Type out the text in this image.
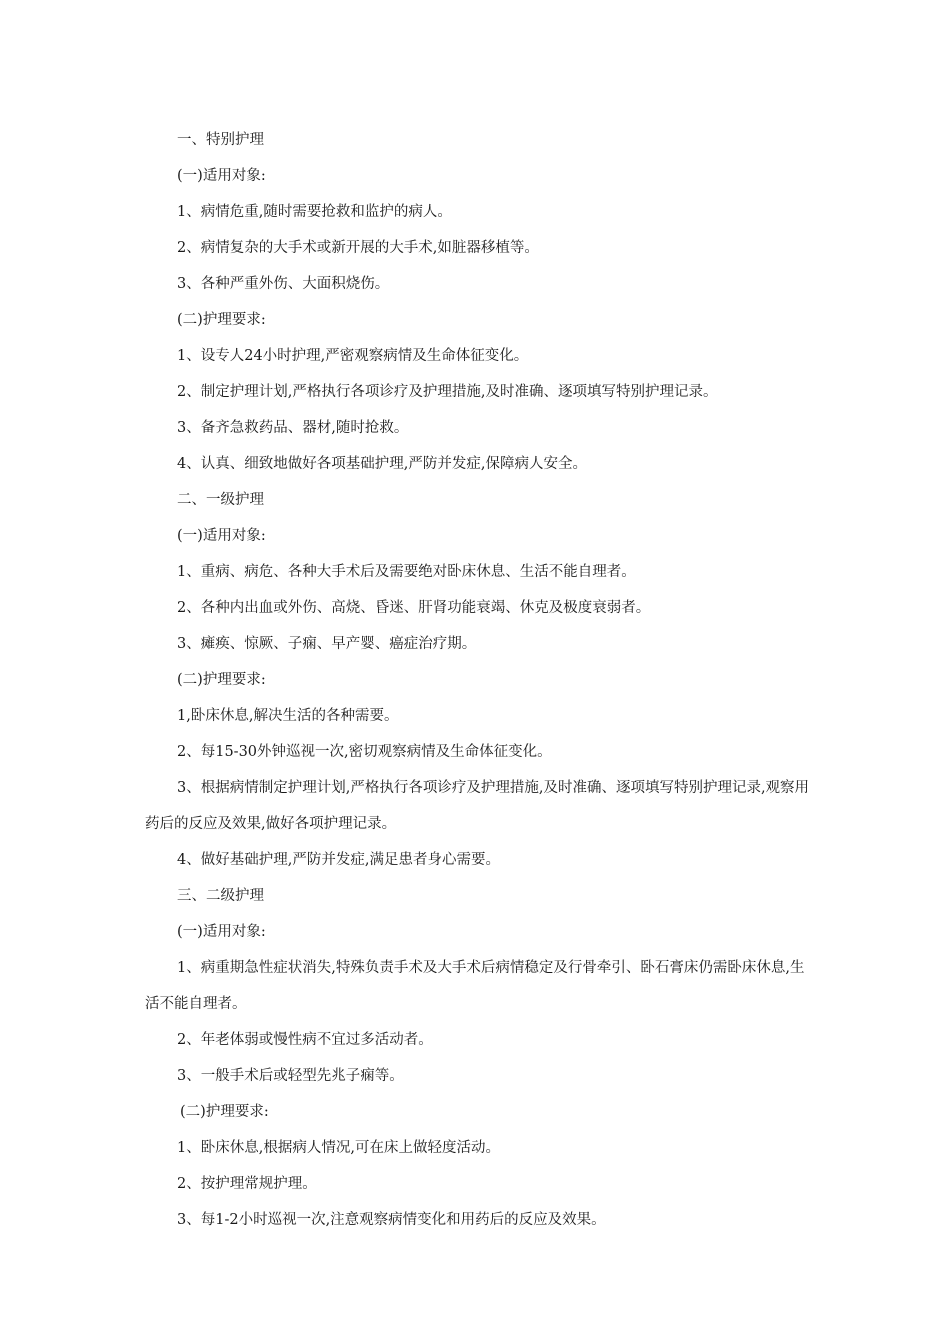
一、特别护理

(一)适用对象:

1、病情危重,随时需要抢救和监护的病人。

2、病情复杂的大手术或新开展的大手术,如脏器移植等。

3、各种严重外伤、大面积烧伤。

(二)护理要求:

1、设专人24小时护理,严密观察病情及生命体征变化。

2、制定护理计划,严格执行各项诊疗及护理措施,及时准确、逐项填写特别护理记录。

3、备齐急救药品、器材,随时抢救。

4、认真、细致地做好各项基础护理,严防并发症,保障病人安全。

二、一级护理

(一)适用对象:

1、重病、病危、各种大手术后及需要绝对卧床休息、生活不能自理者。

2、各种内出血或外伤、高烧、昏迷、肝肾功能衰竭、休克及极度衰弱者。

3、瘫痪、惊厥、子痫、早产婴、癌症治疗期。

(二)护理要求:

1,卧床休息,解决生活的各种需要。

2、每15-30外钟巡视一次,密切观察病情及生命体征变化。

3、根据病情制定护理计划,严格执行各项诊疗及护理措施,及时准确、逐项填写特别护理记录,观察用药后的反应及效果,做好各项护理记录。

4、做好基础护理,严防并发症,满足患者身心需要。

三、二级护理

(一)适用对象:

1、病重期急性症状消失,特殊负责手术及大手术后病情稳定及行骨牵引、卧石膏床仍需卧床休息,生活不能自理者。

2、年老体弱或慢性病不宜过多活动者。

3、一般手术后或轻型先兆子痫等。

(二)护理要求:

1、卧床休息,根据病人情况,可在床上做轻度活动。

2、按护理常规护理。

3、每1-2小时巡视一次,注意观察病情变化和用药后的反应及效果。
